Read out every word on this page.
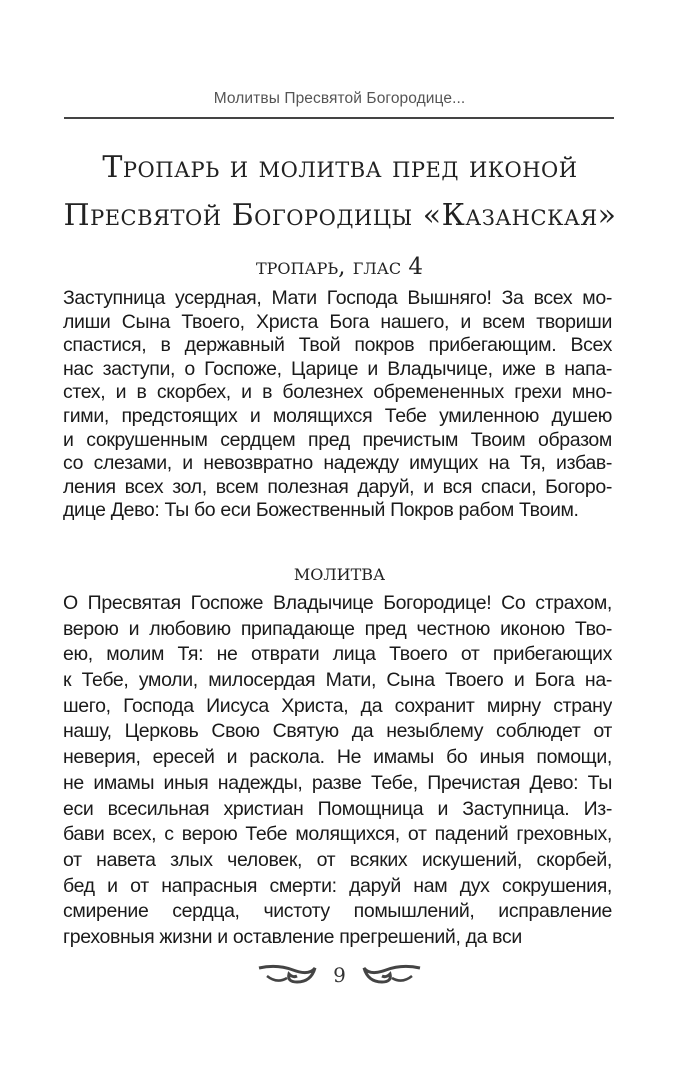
Молитвы Пресвятой Богородице...
Тропарь и молитва пред иконой
Пресвятой Богородицы «Казанская»
тропарь, глас 4
Заступница усердная, Мати Господа Вышняго! За всех мо-
лиши Сына Твоего, Христа Бога нашего, и всем твориши
спастися, в державный Твой покров прибегающим. Всех
нас заступи, о Госпоже, Царице и Владычице, иже в напа-
стех, и в скорбех, и в болезнех обремененных грехи мно-
гими, предстоящих и молящихся Тебе умиленною душею
и сокрушенным сердцем пред пречистым Твоим образом
со слезами, и невозвратно надежду имущих на Тя, избав-
ления всех зол, всем полезная даруй, и вся спаси, Богоро-
дице Дево: Ты бо еси Божественный Покров рабом Твоим.
молитва
О Пресвятая Госпоже Владычице Богородице! Со страхом,
верою и любовию припадающе пред честною иконою Тво-
ею, молим Тя: не отврати лица Твоего от прибегающих
к Тебе, умоли, милосердая Мати, Сына Твоего и Бога на-
шего, Господа Иисуса Христа, да сохранит мирну страну
нашу, Церковь Свою Святую да незыблему соблюдет от
неверия, ересей и раскола. Не имамы бо иныя помощи,
не имамы иныя надежды, разве Тебе, Пречистая Дево: Ты
еси всесильная христиан Помощница и Заступница. Из-
бави всех, с верою Тебе молящихся, от падений греховных,
от навета злых человек, от всяких искушений, скорбей,
бед и от напрасныя смерти: даруй нам дух сокрушения,
смирение сердца, чистоту помышлений, исправление
греховныя жизни и оставление прегрешений, да вси
9
